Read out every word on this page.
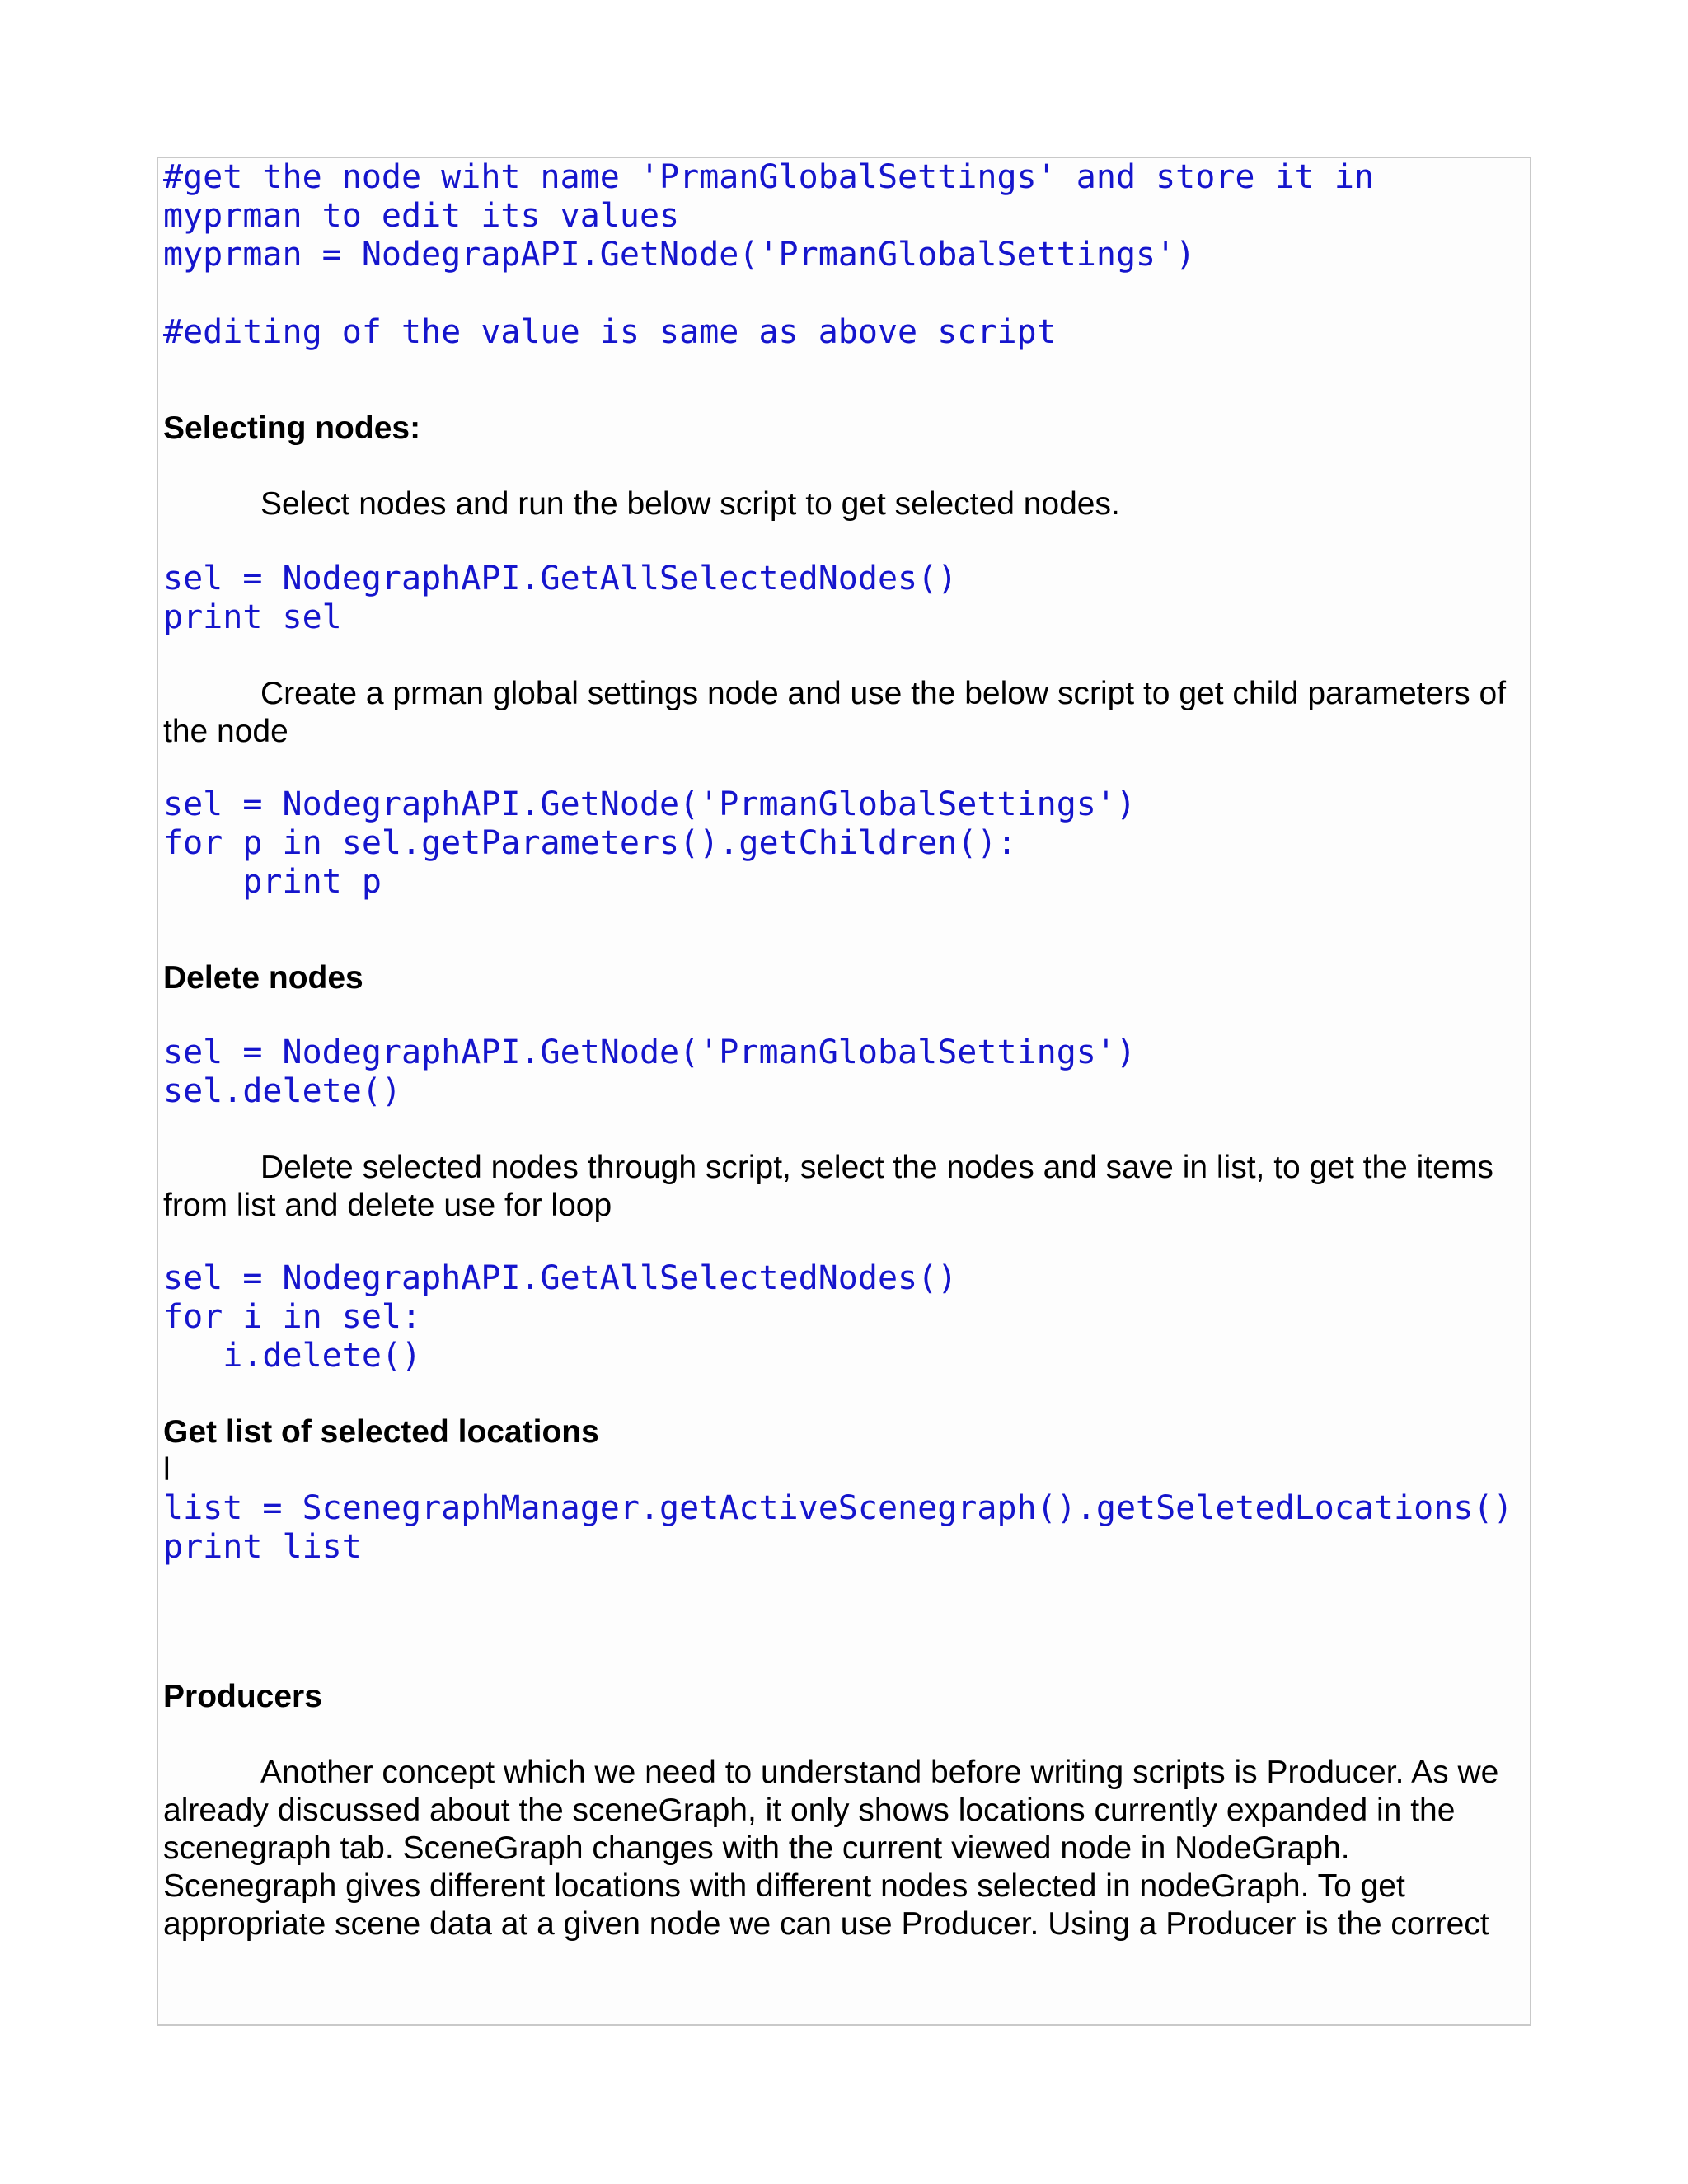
#get the node wiht name 'PrmanGlobalSettings' and store it in
myprman to edit its values
myprman = NodegrapAPI.GetNode('PrmanGlobalSettings')
#editing of the value is same as above script
Selecting nodes:
Select nodes and run the below script to get selected nodes.
sel = NodegraphAPI.GetAllSelectedNodes()
print sel
Create a prman global settings node and use the below script to get child parameters of the node
sel = NodegraphAPI.GetNode('PrmanGlobalSettings')
for p in sel.getParameters().getChildren():
print p
Delete nodes
sel = NodegraphAPI.GetNode('PrmanGlobalSettings')
sel.delete()
Delete selected nodes through script, select the nodes and save in list, to get the items from list and delete use for loop
sel = NodegraphAPI.GetAllSelectedNodes()
for i in sel:
i.delete()
Get list of selected locations
l
list = ScenegraphManager.getActiveScenegraph().getSeletedLocations()
print list
Producers
Another concept which we need to understand before writing scripts is Producer. As we already discussed about the sceneGraph, it only shows locations currently expanded in the scenegraph tab. SceneGraph changes with the current viewed node in NodeGraph. Scenegraph gives different locations with different nodes selected in nodeGraph. To get appropriate scene data at a given node we can use Producer. Using a Producer is the correct
